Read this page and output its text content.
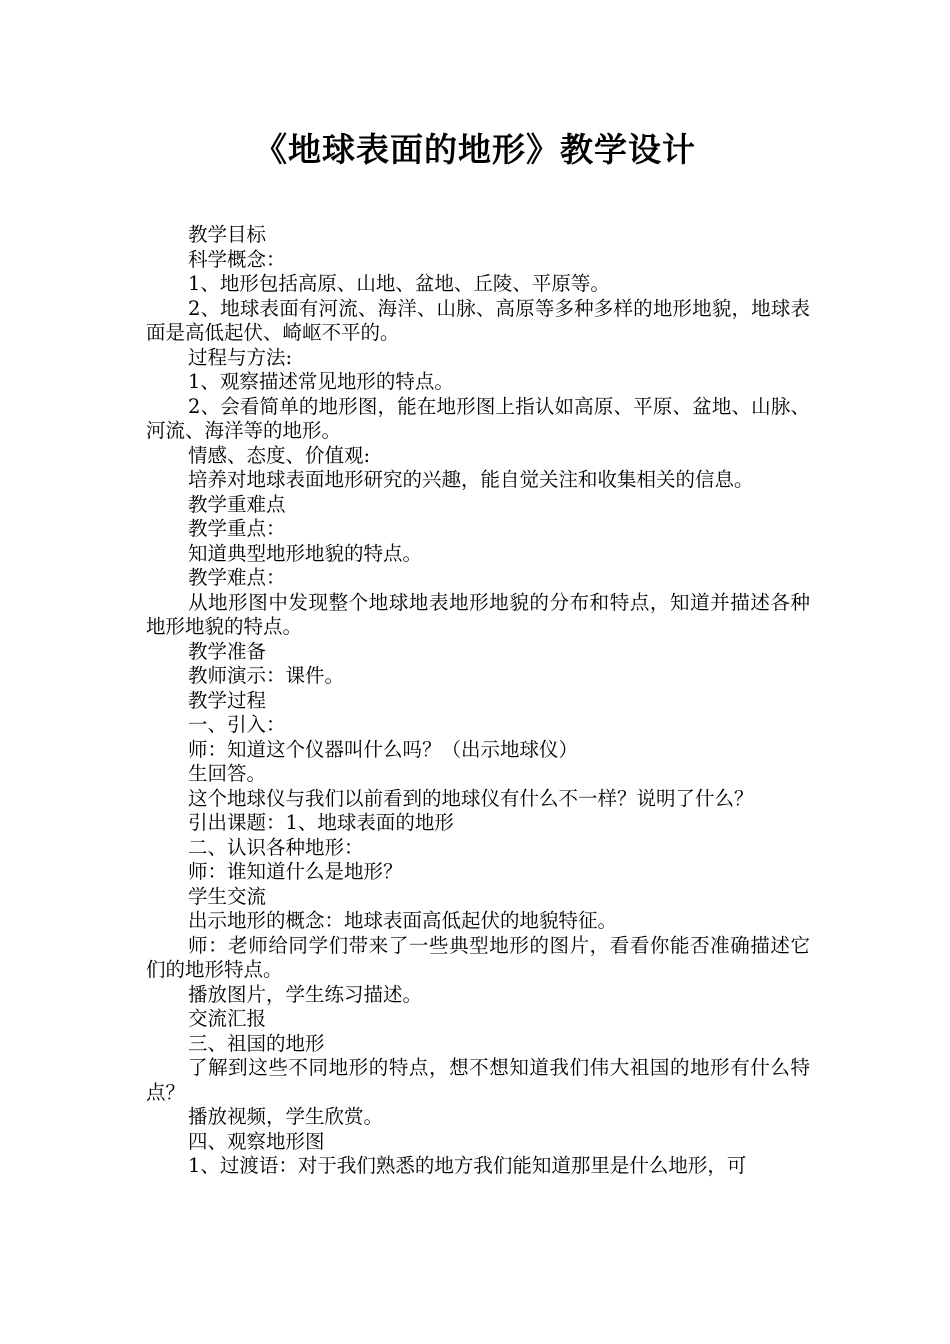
《地球表面的地形》教学设计

教学目标

科学概念：

1、地形包括高原、山地、盆地、丘陵、平原等。

2、地球表面有河流、海洋、山脉、高原等多种多样的地形地貌，地球表面是高低起伏、崎岖不平的。

过程与方法:

1、观察描述常见地形的特点。

2、会看简单的地形图，能在地形图上指认如高原、平原、盆地、山脉、河流、海洋等的地形。

情感、态度、价值观:

培养对地球表面地形研究的兴趣，能自觉关注和收集相关的信息。

教学重难点

教学重点：

知道典型地形地貌的特点。

教学难点：

从地形图中发现整个地球地表地形地貌的分布和特点，知道并描述各种地形地貌的特点。

教学准备

教师演示：课件。

教学过程

一、引入：

师：知道这个仪器叫什么吗？（出示地球仪）

生回答。

这个地球仪与我们以前看到的地球仪有什么不一样？说明了什么？

引出课题：1、地球表面的地形

二、认识各种地形：

师：谁知道什么是地形？

学生交流

出示地形的概念：地球表面高低起伏的地貌特征。

师：老师给同学们带来了一些典型地形的图片，看看你能否准确描述它们的地形特点。

播放图片，学生练习描述。

交流汇报

三、祖国的地形

了解到这些不同地形的特点，想不想知道我们伟大祖国的地形有什么特点？

播放视频，学生欣赏。

四、观察地形图

1、过渡语：对于我们熟悉的地方我们能知道那里是什么地形，可
